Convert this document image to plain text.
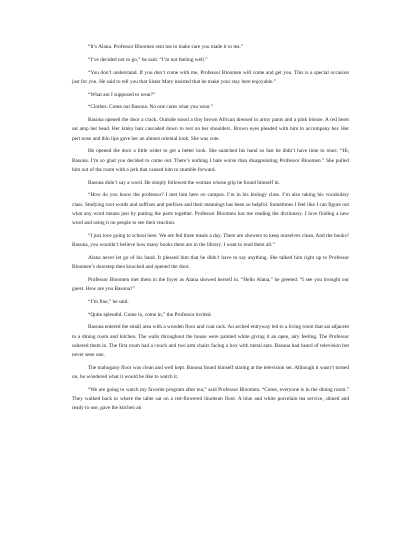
“It’s Alana. Professor Bloomen sent me to make sure you made it to tea.”

“I’ve decided not to go,” he said. “I’m not feeling well.”

“You don’t understand. If you don’t come with me, Professor Bloomen will come and get you. This is a special occasion just for you. He said to tell you that Sister Mary insisted that he make your stay here enjoyable.”

“What am I supposed to wear?”

“Clothes. Come out Basona. No one cares what you wear.”

Basona opened the door a crack. Outside stood a tiny brown African dressed in army pants and a pink blouse. A red beret sat atop her head. Her kinky hair cascaded down to rest on her shoulders. Brown eyes pleaded with him to accompany her. Her pert nose and thin lips gave her an almost oriental look. She was cute.

He opened the door a little wider to get a better look. She snatched his hand so fast he didn’t have time to react. “Hi, Basona. I’m so glad you decided to come out. There’s nothing I hate worse than disappointing Professor Bloomen.” She pulled him out of the room with a jerk that caused him to stumble forward.

Basona didn’t say a word. He simply followed the woman whose grip he found himself in.

“How do you know the professor? I met him here on campus. I’m in his biology class. I’m also taking his vocabulary class. Studying root words and suffixes and prefixes and their meanings has been so helpful. Sometimes I feel like I can figure out what any word means just by putting the parts together. Professor Bloomen has me reading the dictionary. I love finding a new word and using it on people to see their reaction.

“I just love going to school here. We are fed three meals a day. There are showers to keep ourselves clean. And the books? Basona, you wouldn’t believe how many books there are in the library. I want to read them all.”

Alana never let go of his hand. It pleased him that he didn’t have to say anything. She talked him right up to Professor Bloomen’s doorstep then knocked and opened the door.

Professor Bloomen met them in the foyer as Alana showed herself in. “Hello Alana,” he greeted. “I see you brought our guest. How are you Basona?”

“I’m fine,” he said.

“Quite splendid. Come in, come in,” the Professor invited.

Basona entered the small area with a wooden floor and coat rack. An arched entryway led to a living room that sat adjacent to a dining room and kitchen. The walls throughout the house were painted white giving it an open, airy feeling. The Professor ushered them in. The first room had a couch and two arm chairs facing a box with metal ears. Basona had heard of television but never seen one.

The mahogany floor was clean and well kept. Basona found himself staring at the television set. Although it wasn’t turned on, he wondered what it would be like to watch it.

“We are going to watch my favorite program after tea,” said Professor Bloomen. “Come, everyone is in the dining room.” They walked back to where the table sat on a red-flowered linoleum floor. A blue and white porcelain tea service, shined and ready to use, gave the kitchen an
